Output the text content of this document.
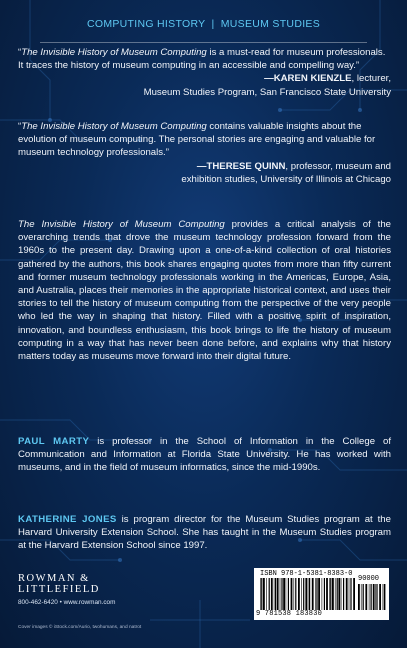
COMPUTING HISTORY | MUSEUM STUDIES
“The Invisible History of Museum Computing is a must-read for museum professionals. It traces the history of museum computing in an accessible and compelling way.”
—KAREN KIENZLE, lecturer,
Museum Studies Program, San Francisco State University
“The Invisible History of Museum Computing contains valuable insights about the evolution of museum computing. The personal stories are engaging and valuable for museum technology professionals.”
—THERESE QUINN, professor, museum and
exhibition studies, University of Illinois at Chicago
The Invisible History of Museum Computing provides a critical analysis of the overarching trends that drove the museum technology profession forward from the 1960s to the present day. Drawing upon a one-of-a-kind collection of oral histories gathered by the authors, this book shares engaging quotes from more than fifty current and former museum technology professionals working in the Americas, Europe, Asia, and Australia, places their memories in the appropriate historical context, and uses their stories to tell the history of museum computing from the perspective of the very people who led the way in shaping that history. Filled with a positive spirit of inspiration, innovation, and boundless enthusiasm, this book brings to life the history of museum computing in a way that has never been done before, and explains why that history matters today as museums move forward into their digital future.
PAUL MARTY is professor in the School of Information in the College of Communication and Information at Florida State University. He has worked with museums, and in the field of museum informatics, since the mid-1990s.
KATHERINE JONES is program director for the Museum Studies program at the Harvard University Extension School. She has taught in the Museum Studies program at the Harvard Extension School since 1997.
ROWMAN &
LITTLEFIELD
800-462-6420 • www.rowman.com
Cover images © iStock.com/Aurio, twohumans, and natrot
ISBN 978-1-5381-8383-0
90000
9 781538 183830
